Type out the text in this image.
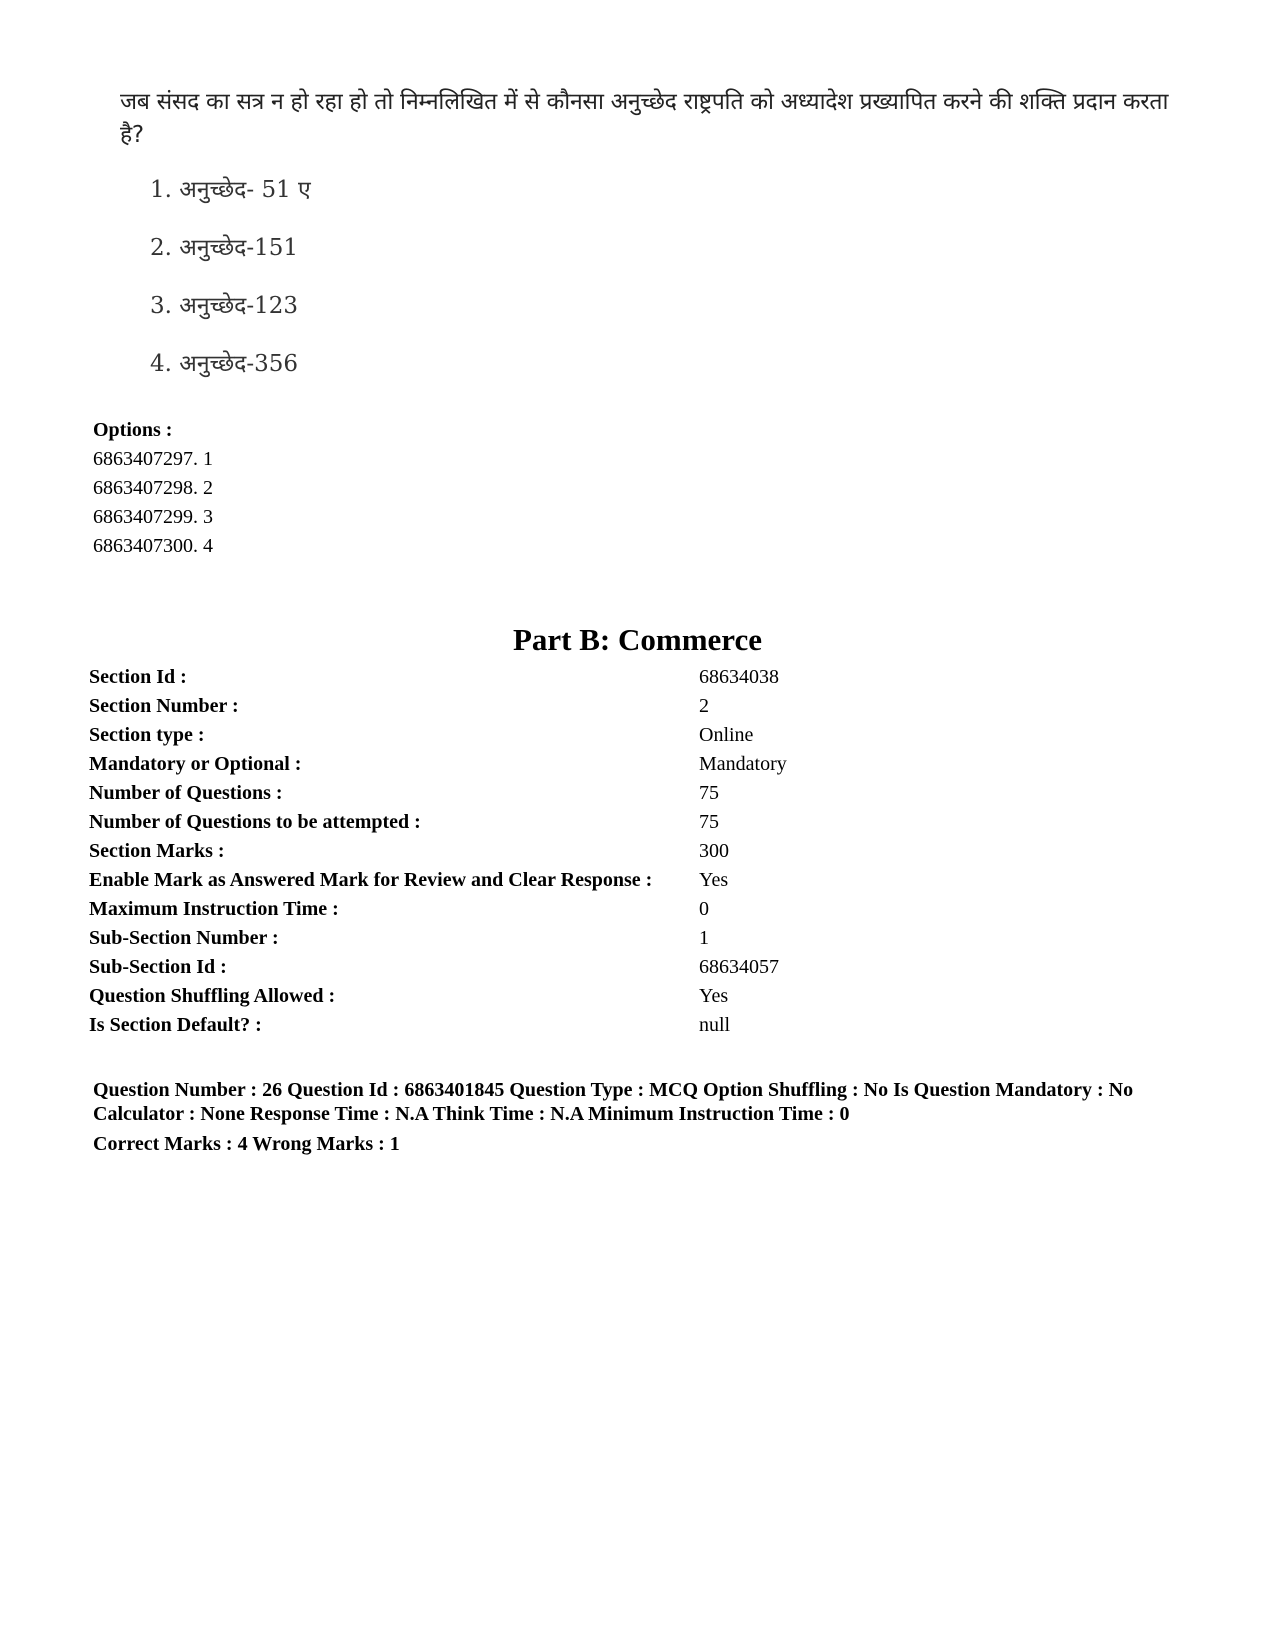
जब संसद का सत्र न हो रहा हो तो निम्नलिखित में से कौनसा अनुच्छेद राष्ट्रपति को अध्यादेश प्रख्यापित करने की शक्ति प्रदान करता है?

1. अनुच्छेद- 51 ए
2. अनुच्छेद-151
3. अनुच्छेद-123
4. अनुच्छेद-356
Options :
6863407297. 1
6863407298. 2
6863407299. 3
6863407300. 4
Part B: Commerce
Section Id :	68634038
Section Number :	2
Section type :	Online
Mandatory or Optional :	Mandatory
Number of Questions :	75
Number of Questions to be attempted :	75
Section Marks :	300
Enable Mark as Answered Mark for Review and Clear Response :	Yes
Maximum Instruction Time :	0
Sub-Section Number :	1
Sub-Section Id :	68634057
Question Shuffling Allowed :	Yes
Is Section Default? :	null
Question Number : 26 Question Id : 6863401845 Question Type : MCQ Option Shuffling : No Is Question Mandatory : No Calculator : None Response Time : N.A Think Time : N.A Minimum Instruction Time : 0
Correct Marks : 4 Wrong Marks : 1
